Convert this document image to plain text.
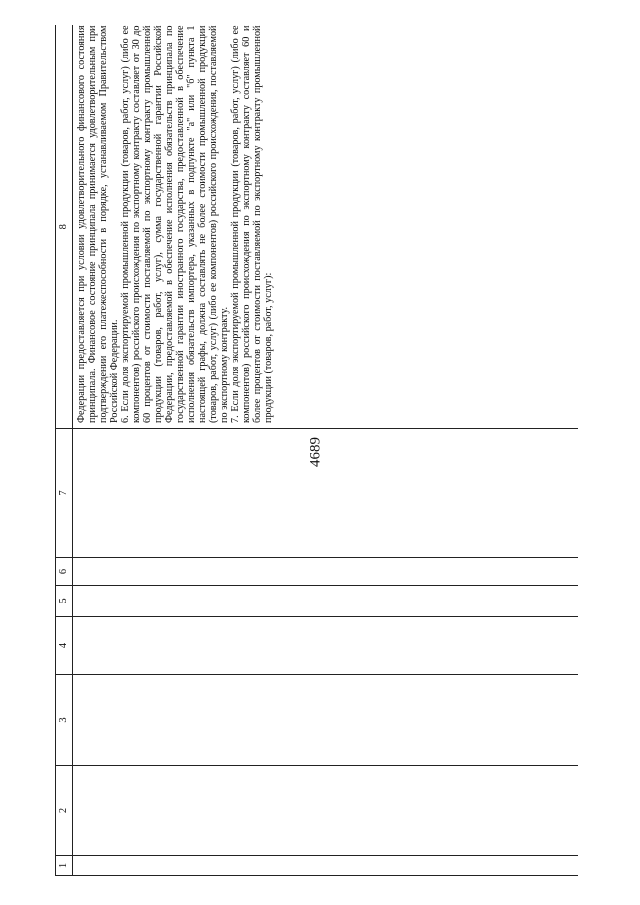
4689
1	2	3	4	5	6	7	8

							Федерации предоставляется при условии удовлетворительного финансового состояния принципала. Финансовое состояние принципала принимается удовлетворительным при подтверждении его платежеспособности в порядке, устанавливаемом Правительством Российской Федерации. 6. Если доля экспортируемой промышленной продукции (товаров, работ, услуг) (либо ее компонентов) российского происхождения по экспортному контракту составляет от 30 до 60 процентов от стоимости поставляемой по экспортному контракту промышленной продукции (товаров, работ, услуг), сумма государственной гарантии Российской Федерации, предоставляемой в обеспечение исполнения обязательств принципала по государственной гарантии иностранного государства, предоставленной в обеспечение исполнения обязательств импортера, указанных в подпункте "а" или "б" пункта 1 настоящей графы, должна составлять не более стоимости промышленной продукции (товаров, работ, услуг) (либо ее компонентов) российского происхождения, поставляемой по экспортному контракту. 7. Если доля экспортируемой промышленной продукции (товаров, работ, услуг) (либо ее компонентов) российского происхождения по экспортному контракту составляет 60 и более процентов от стоимости поставляемой по экспортному контракту промышленной продукции (товаров, работ, услуг):
